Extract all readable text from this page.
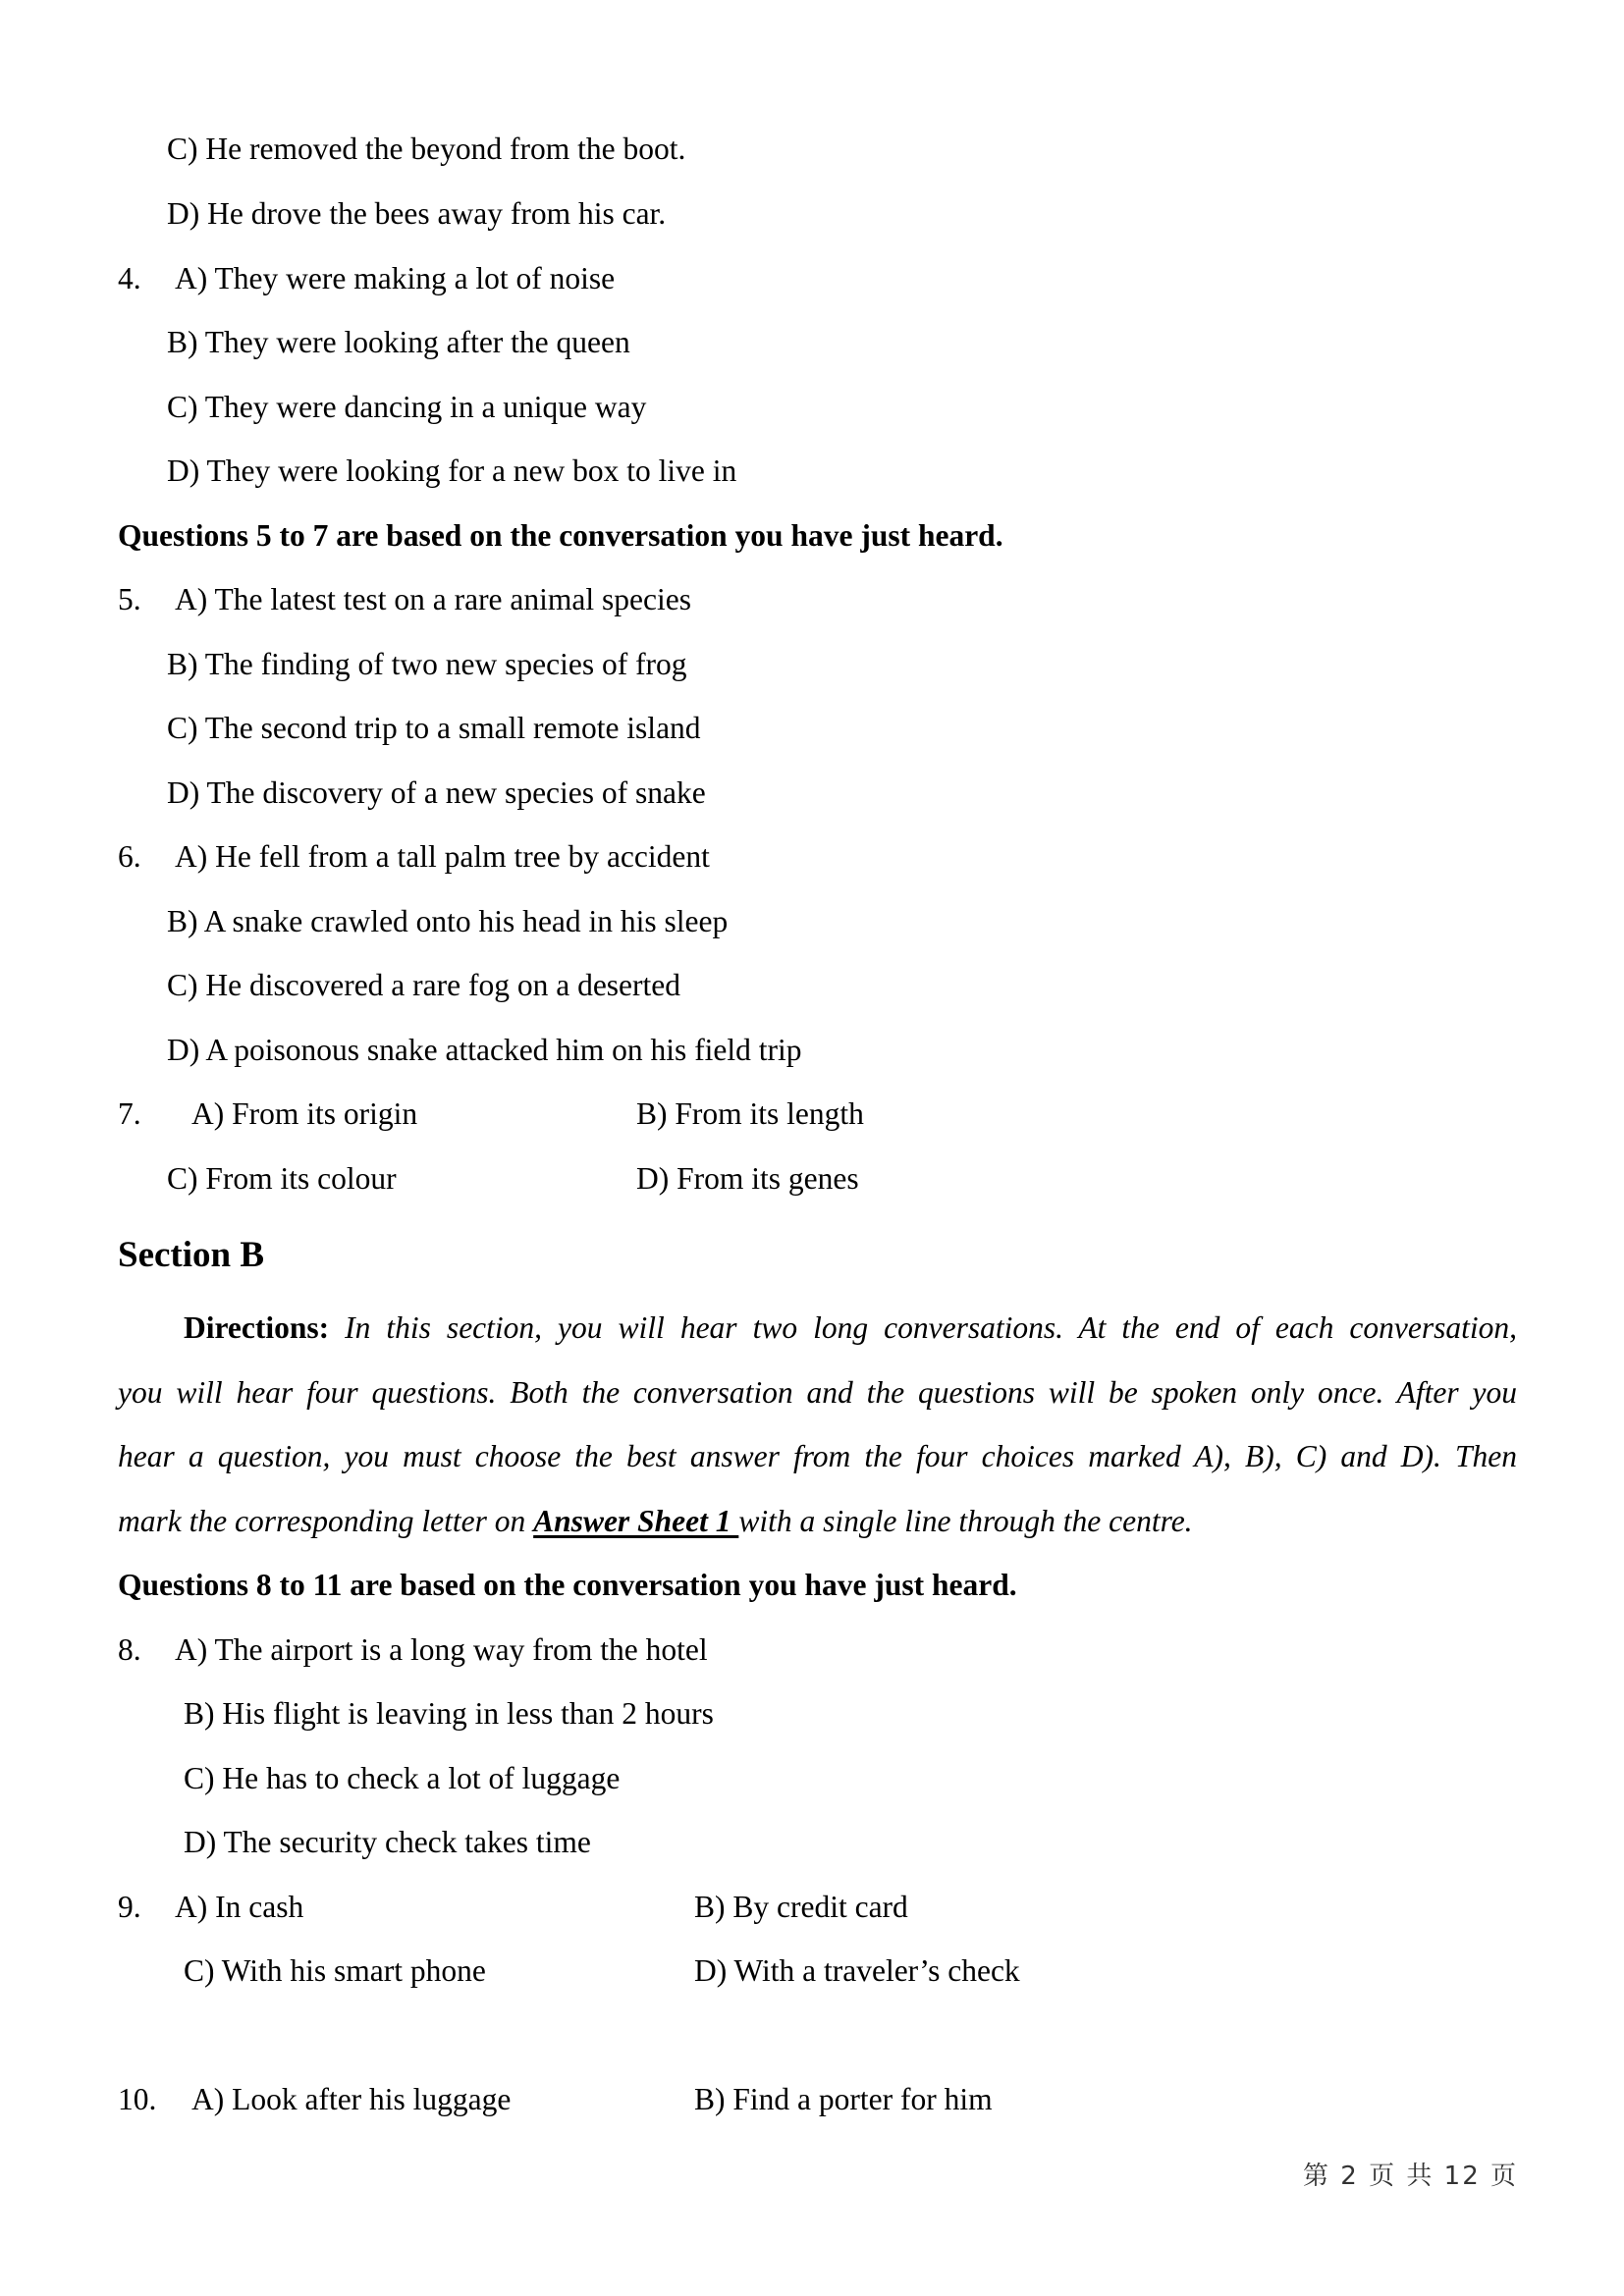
C) He removed the beyond from the boot.
D) He drove the bees away from his car.
4. A) They were making a lot of noise
B) They were looking after the queen
C) They were dancing in a unique way
D) They were looking for a new box to live in
Questions 5 to 7 are based on the conversation you have just heard.
5. A) The latest test on a rare animal species
B) The finding of two new species of frog
C) The second trip to a small remote island
D) The discovery of a new species of snake
6. A) He fell from a tall palm tree by accident
B) A snake crawled onto his head in his sleep
C) He discovered a rare fog on a deserted
D) A poisonous snake attacked him on his field trip
7. A) From its origin	B) From its length
C) From its colour	D) From its genes
Section B
Directions: In this section, you will hear two long conversations. At the end of each conversation,
you will hear four questions. Both the conversation and the questions will be spoken only once. After you
hear a question, you must choose the best answer from the four choices marked A), B), C) and D). Then
mark the corresponding letter on Answer Sheet 1 with a single line through the centre.
Questions 8 to 11 are based on the conversation you have just heard.
8. A) The airport is a long way from the hotel
B) His flight is leaving in less than 2 hours
C) He has to check a lot of luggage
D) The security check takes time
9. A) In cash	B) By credit card
C) With his smart phone	D) With a traveler’s check
10. A) Look after his luggage	B) Find a porter for him
第 2 页 共 12 页
